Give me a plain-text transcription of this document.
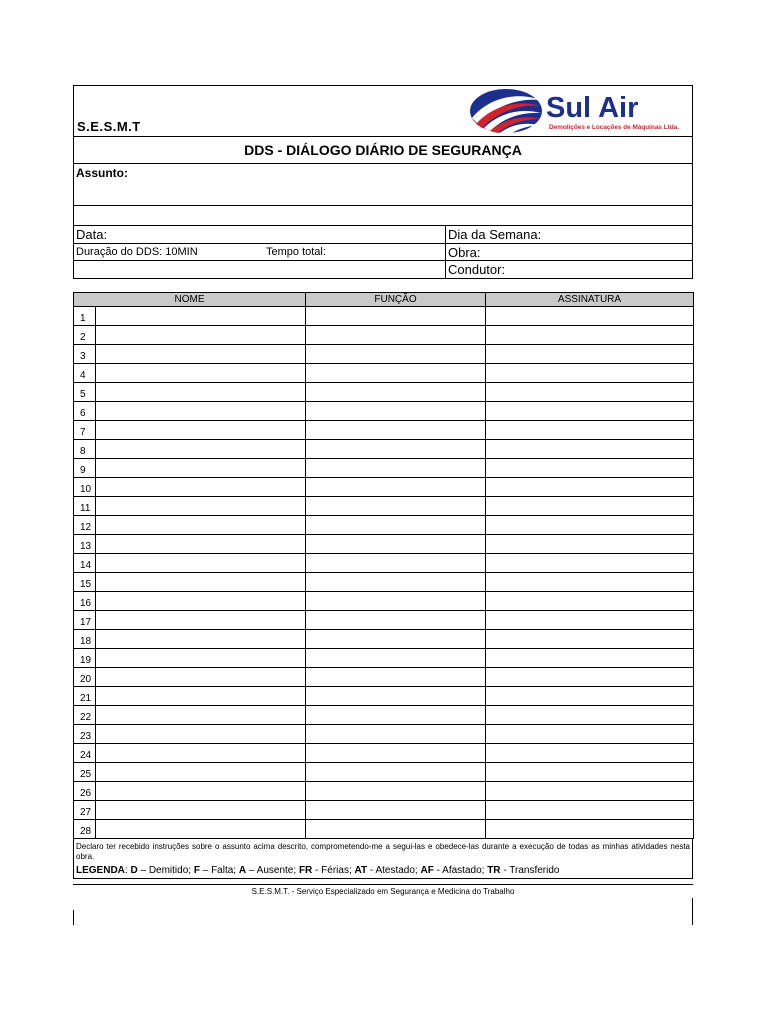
S.E.S.M.T
Sul Air
Demolições e Locações de Máquinas Ltda.
DDS - DIÁLOGO DIÁRIO DE SEGURANÇA
Assunto:
Data:	Dia da Semana:
Duração do DDS: 10MIN	Tempo total:	Obra:
Condutor:
NOME		FUNÇÃO	ASSINATURA
1			
2			
3			
4			
5			
6			
7			
8			
9			
10			
11			
12			
13			
14			
15			
16			
17			
18			
19			
20			
21			
22			
23			
24			
25			
26			
27			
28			
Declaro ter recebido instruções sobre o assunto acima descrito, comprometendo-me a segui-las e obedece-las durante a execução de todas as minhas atividades nesta obra.
LEGENDA: D – Demitido; F – Falta; A – Ausente; FR - Férias; AT - Atestado; AF - Afastado; TR - Transferido
S.E.S.M.T. - Serviço Especializado em Segurança e Medicina do Trabalho
